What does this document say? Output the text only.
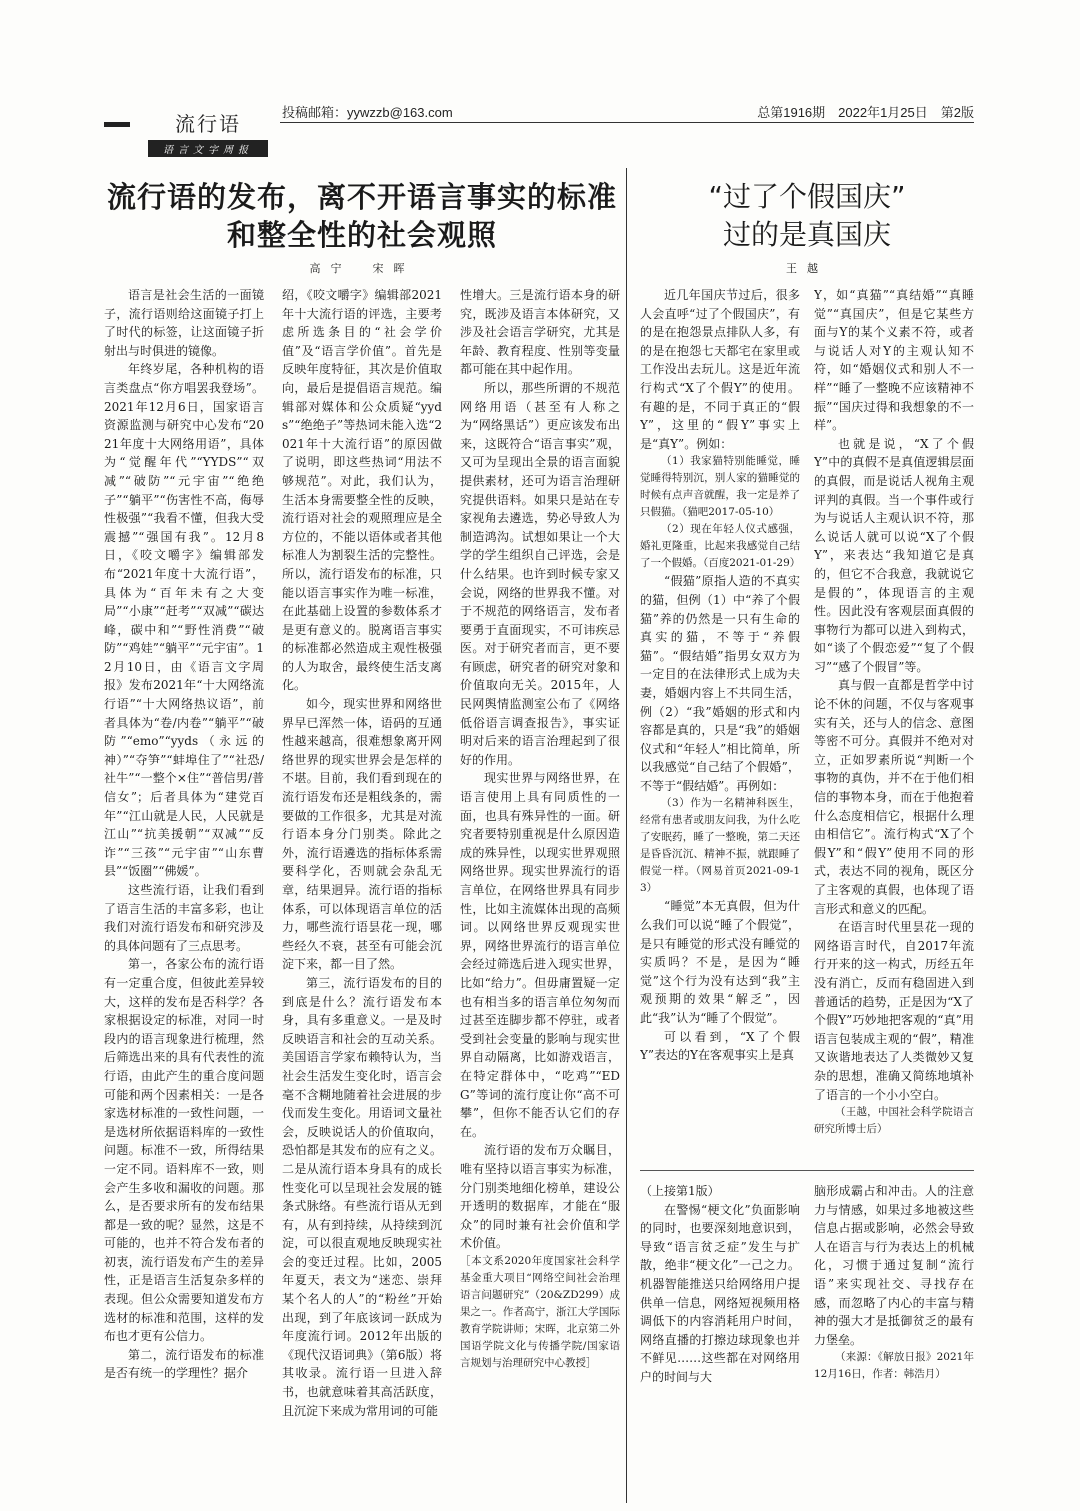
流行语
语言文字周报
投稿邮箱：yywzzb@163.com	总第1916期　2022年1月25日　第2版
流行语的发布，离不开语言事实的标准
和整全性的社会观照
高宁　宋晖
“过了个假国庆”
过的是真国庆
王越

语言是社会生活的一面镜子，流行语则给这面镜子打上了时代的标签，让这面镜子折射出与时俱进的镜像。

年终岁尾，各种机构的语言类盘点“你方唱罢我登场”。2021年12月6日，国家语言资源监测与研究中心发布“2021年度十大网络用语”，具体为“觉醒年代”“YYDS”“双减”“破防”“元宇宙”“绝绝子”“躺平”“伤害性不高，侮辱性极强”“我看不懂，但我大受震撼”“强国有我”。12月8日，《咬文嚼字》编辑部发布“2021年度十大流行语”，具体为“百年未有之大变局”“小康”“赶考”“双减”“碳达峰，碳中和”“野性消费”“破防”“鸡娃”“躺平”“元宇宙”。12月10日，由《语言文字周报》发布2021年“十大网络流行语”“十大网络热议语”，前者具体为“卷/内卷”“躺平”“破防”“emo”“yyds（永远的神）”“夺笋”“蚌埠住了”“社恐/社牛”“一整个×住”“普信男/普信女”；后者具体为“建党百年”“江山就是人民，人民就是江山”“抗美援朝”“双减”“反诈”“三孩”“元宇宙”“山东曹县”“饭圈”“佛媛”。

这些流行语，让我们看到了语言生活的丰富多彩，也让我们对流行语发布和研究涉及的具体问题有了三点思考。

第一，各家公布的流行语有一定重合度，但彼此差异较大，这样的发布是否科学？各家根据设定的标准，对同一时段内的语言现象进行梳理，然后筛选出来的具有代表性的流行语，由此产生的重合度问题可能和两个因素相关：一是各家选材标准的一致性问题，一是选材所依据语料库的一致性问题。标准不一致，所得结果一定不同。语料库不一致，则会产生多收和漏收的问题。那么，是否要求所有的发布结果都是一致的呢？显然，这是不可能的，也并不符合发布者的初衷，流行语发布产生的差异性，正是语言生活复杂多样的表现。但公众需要知道发布方选材的标准和范围，这样的发布也才更有公信力。

第二，流行语发布的标准是否有统一的学理性？据介

绍，《咬文嚼字》编辑部2021年十大流行语的评选，主要考虑所选条目的“社会学价值”及“语言学价值”。首先是反映年度特征，其次是价值取向，最后是提倡语言规范。编辑部对媒体和公众质疑“yyds”“绝绝子”等热词未能入选“2021年十大流行语”的原因做了说明，即这些热词“用法不够规范”。对此，我们认为，生活本身需要整全性的反映，流行语对社会的观照理应是全方位的，不能以语体或者其他标准人为割裂生活的完整性。所以，流行语发布的标准，只能以语言事实作为唯一标准，在此基础上设置的参数体系才是更有意义的。脱离语言事实的标准都必然造成主观性极强的人为取舍，最终使生活支离化。

如今，现实世界和网络世界早已浑然一体，语码的互通性越来越高，很难想象离开网络世界的现实世界会是怎样的不堪。目前，我们看到现在的流行语发布还是粗线条的，需要做的工作很多，尤其是对流行语本身分门别类。除此之外，流行语遴选的指标体系需要科学化，否则就会杂乱无章，结果迥异。流行语的指标体系，可以体现语言单位的活力，哪些流行语昙花一现，哪些经久不衰，甚至有可能会沉淀下来，都一目了然。

第三，流行语发布的目的到底是什么？流行语发布本身，具有多重意义。一是及时反映语言和社会的互动关系。美国语言学家布赖特认为，当社会生活发生变化时，语言会毫不含糊地随着社会进展的步伐而发生变化。用语词文量社会，反映说话人的价值取向，恐怕都是其发布的应有之义。二是从流行语本身具有的成长性变化可以呈现社会发展的链条式脉络。有些流行语从无到有，从有到持续，从持续到沉淀，可以很直观地反映现实社会的变迁过程。比如，2005年夏天，表文为“迷恋、崇拜某个名人的人”的“粉丝”开始出现，到了年底该词一跃成为年度流行词。2012年出版的《现代汉语词典》（第6版）将其收录。流行语一旦进入辞书，也就意味着其高活跃度，且沉淀下来成为常用词的可能

性增大。三是流行语本身的研究，既涉及语言本体研究，又涉及社会语言学研究，尤其是年龄、教育程度、性别等变量都可能在其中起作用。

所以，那些所谓的不规范网络用语（甚至有人称之为“网络黑话”）更应该发布出来，这既符合“语言事实”观，又可为呈现出全景的语言面貌提供素材，还可为语言治理研究提供语料。如果只是站在专家视角去遴选，势必导致人为制造鸿沟。试想如果让一个大学的学生组织自己评选，会是什么结果。也许到时候专家又会说，网络的世界我不懂。对于不规范的网络语言，发布者要勇于直面现实，不可讳疾忌医。对于研究者而言，更不要有顾虑，研究者的研究对象和价值取向无关。2015年，人民网舆情监测室公布了《网络低俗语言调查报告》，事实证明对后来的语言治理起到了很好的作用。

现实世界与网络世界，在语言使用上具有同质性的一面，也具有殊异性的一面。研究者要特别重视是什么原因造成的殊异性，以现实世界观照网络世界。现实世界流行的语言单位，在网络世界具有同步性，比如主流媒体出现的高频词。以网络世界反观现实世界，网络世界流行的语言单位会经过筛选后进入现实世界，比如“给力”。但毋庸置疑一定也有相当多的语言单位匆匆而过甚至连脚步都不停驻，或者受到社会变量的影响与现实世界自动隔离，比如游戏语言，在特定群体中，“吃鸡”“EDG”等词的流行度让你“高不可攀”，但你不能否认它们的存在。

流行语的发布万众瞩目，唯有坚持以语言事实为标准，分门别类地细化榜单，建设公开透明的数据库，才能在“服众”的同时兼有社会价值和学术价值。

［本文系2020年度国家社会科学基金重大项目“网络空间社会治理语言问题研究”（20&ZD299）成果之一。作者高宁，浙江大学国际教育学院讲师；宋晖，北京第二外国语学院文化与传播学院/国家语言规划与治理研究中心教授］

近几年国庆节过后，很多人会直呼“过了个假国庆”，有的是在抱怨景点排队人多，有的是在抱怨七天都宅在家里或工作没出去玩儿。这是近年流行构式“X了个假Y”的使用。有趣的是，不同于真正的“假Y”，这里的“假Y”事实上是“真Y”。例如：

（1）我家猫特别能睡觉，睡觉睡得特别沉，别人家的猫睡觉的时候有点声音就醒，我一定是养了只假猫。（猫吧2017-05-10）

（2）现在年轻人仪式感强，婚礼更隆重，比起来我感觉自己结了一个假婚。（百度2021-01-29）

“假猫”原指人造的不真实的猫，但例（1）中“养了个假猫”养的仍然是一只有生命的真实的猫，不等于“养假猫”。“假结婚”指男女双方为一定目的在法律形式上成为夫妻，婚姻内容上不共同生活，例（2）“我”婚姻的形式和内容都是真的，只是“我”的婚姻仪式和“年轻人”相比简单，所以我感觉“自己结了个假婚”，不等于“假结婚”。再例如：

（3）作为一名精神科医生，经常有患者或朋友问我，为什么吃了安眠药，睡了一整晚，第二天还是昏昏沉沉、精神不振，就跟睡了假觉一样。（网易首页2021-09-13）

“睡觉”本无真假，但为什么我们可以说“睡了个假觉”，是只有睡觉的形式没有睡觉的实质吗？不是，是因为“睡觉”这个行为没有达到“我”主观预期的效果“解乏”，因此“我”认为“睡了个假觉”。

可以看到，“X了个假Y”表达的Y在客观事实上是真

Y，如“真猫”“真结婚”“真睡觉”“真国庆”，但是它某些方面与Y的某个义素不符，或者与说话人对Y的主观认知不符，如“婚姻仪式和别人不一样”“睡了一整晚不应该精神不振”“国庆过得和我想象的不一样”。

也就是说，“X了个假Y”中的真假不是真值逻辑层面的真假，而是说话人视角主观评判的真假。当一个事件或行为与说话人主观认识不符，那么说话人就可以说“X了个假Y”，来表达“我知道它是真的，但它不合我意，我就说它是假的”，体现语言的主观性。因此没有客观层面真假的事物行为都可以进入到构式，如“谈了个假恋爱”“复了个假习”“感了个假冒”等。

真与假一直都是哲学中讨论不休的问题，不仅与客观事实有关，还与人的信念、意图等密不可分。真假并不绝对对立，正如罗素所说“判断一个事物的真伪，并不在于他们相信的事物本身，而在于他抱着什么态度相信它，根据什么理由相信它”。流行构式“X了个假Y”和“假Y”使用不同的形式，表达不同的视角，既区分了主客观的真假，也体现了语言形式和意义的匹配。

在语言时代里昙花一现的网络语言时代，自2017年流行开来的这一构式，历经五年没有消亡，反而有稳固进入到普通话的趋势，正是因为“X了个假Y”巧妙地把客观的“真”用语言包装成主观的“假”，精准又诙谐地表达了人类微妙又复杂的思想，准确又简练地填补了语言的一个小小空白。

（王越，中国社会科学院语言研究所博士后）

（上接第1版）

在警惕“梗文化”负面影响的同时，也要深刻地意识到，导致“语言贫乏症”发生与扩散，绝非“梗文化”一己之力。机器智能推送只给网络用户提供单一信息，网络短视频用格调低下的内容消耗用户时间，网络直播的打擦边球现象也并不鲜见……这些都在对网络用户的时间与大

脑形成霸占和冲击。人的注意力与情感，如果过多地被这些信息占据或影响，必然会导致人在语言与行为表达上的机械化，习惯于通过复制“流行语”来实现社交、寻找存在感，而忽略了内心的丰富与精神的强大才是抵御贫乏的最有力堡垒。

（来源：《解放日报》2021年12月16日，作者：韩浩月）
